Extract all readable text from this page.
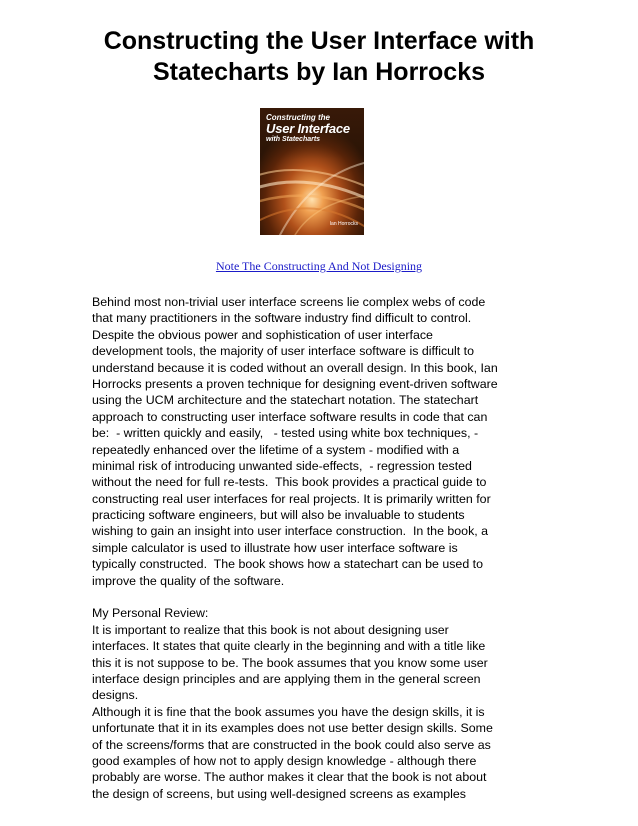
Constructing the User Interface with
Statecharts by Ian Horrocks
Constructing the
User Interface
with Statecharts
Ian Horrocks
Note The Constructing And Not Designing
Behind most non-trivial user interface screens lie complex webs of code
that many practitioners in the software industry find difficult to control.
Despite the obvious power and sophistication of user interface
development tools, the majority of user interface software is difficult to
understand because it is coded without an overall design. In this book, Ian
Horrocks presents a proven technique for designing event-driven software
using the UCM architecture and the statechart notation. The statechart
approach to constructing user interface software results in code that can
be:  - written quickly and easily,   - tested using white box techniques, -
repeatedly enhanced over the lifetime of a system - modified with a
minimal risk of introducing unwanted side-effects,  - regression tested
without the need for full re-tests.  This book provides a practical guide to
constructing real user interfaces for real projects. It is primarily written for
practicing software engineers, but will also be invaluable to students
wishing to gain an insight into user interface construction.  In the book, a
simple calculator is used to illustrate how user interface software is
typically constructed.  The book shows how a statechart can be used to
improve the quality of the software.
My Personal Review:
It is important to realize that this book is not about designing user
interfaces. It states that quite clearly in the beginning and with a title like
this it is not suppose to be. The book assumes that you know some user
interface design principles and are applying them in the general screen
designs.
Although it is fine that the book assumes you have the design skills, it is
unfortunate that it in its examples does not use better design skills. Some
of the screens/forms that are constructed in the book could also serve as
good examples of how not to apply design knowledge - although there
probably are worse. The author makes it clear that the book is not about
the design of screens, but using well-designed screens as examples
